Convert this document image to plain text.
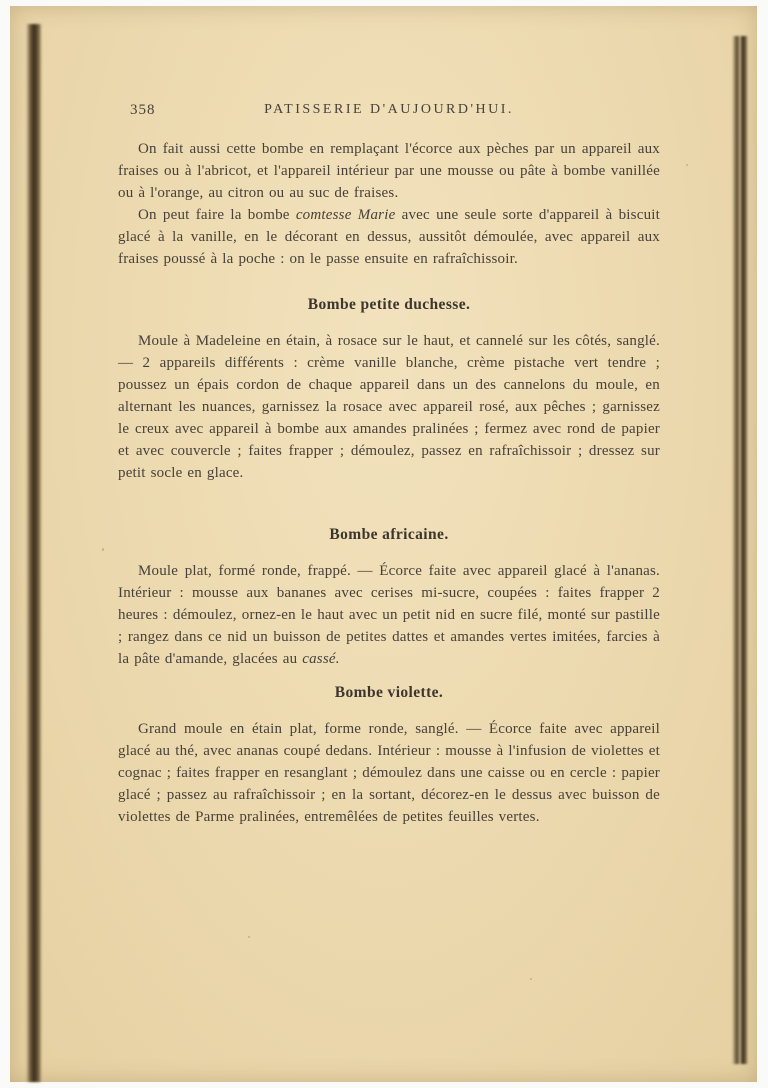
358	PATISSERIE D'AUJOURD'HUI.

On fait aussi cette bombe en remplaçant l'écorce aux pèches par un appareil aux fraises ou à l'abricot, et l'appareil intérieur par une mousse ou pâte à bombe vanillée ou à l'orange, au citron ou au suc de fraises.

On peut faire la bombe comtesse Marie avec une seule sorte d'appareil à biscuit glacé à la vanille, en le décorant en dessus, aussitôt démoulée, avec appareil aux fraises poussé à la poche : on le passe ensuite en rafraîchissoir.

Bombe petite duchesse.

Moule à Madeleine en étain, à rosace sur le haut, et cannelé sur les côtés, sanglé. — 2 appareils différents : crème vanille blanche, crème pistache vert tendre ; poussez un épais cordon de chaque appareil dans un des cannelons du moule, en alternant les nuances, garnissez la rosace avec appareil rosé, aux pêches ; garnissez le creux avec appareil à bombe aux amandes pralinées ; fermez avec rond de papier et avec couvercle ; faites frapper ; démoulez, passez en rafraîchissoir ; dressez sur petit socle en glace.

Bombe africaine.

Moule plat, formé ronde, frappé. — Écorce faite avec appareil glacé à l'ananas. Intérieur : mousse aux bananes avec cerises mi-sucre, coupées : faites frapper 2 heures : démoulez, ornez-en le haut avec un petit nid en sucre filé, monté sur pastille ; rangez dans ce nid un buisson de petites dattes et amandes vertes imitées, farcies à la pâte d'amande, glacées au cassé.

Bombe violette.

Grand moule en étain plat, forme ronde, sanglé. — Écorce faite avec appareil glacé au thé, avec ananas coupé dedans. Intérieur : mousse à l'infusion de violettes et cognac ; faites frapper en resanglant ; démoulez dans une caisse ou en cercle : papier glacé ; passez au rafraîchissoir ; en la sortant, décorez-en le dessus avec buisson de violettes de Parme pralinées, entremêlées de petites feuilles vertes.
